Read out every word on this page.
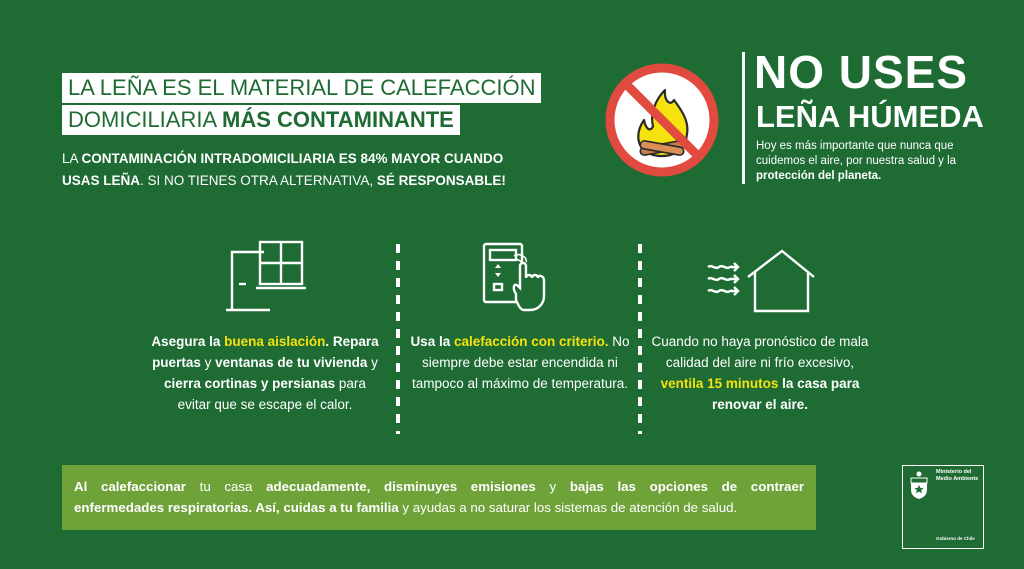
LA LEÑA ES EL MATERIAL DE CALEFACCIÓN
DOMICILIARIA MÁS CONTAMINANTE
LA CONTAMINACIÓN INTRADOMICILIARIA ES 84% MAYOR CUANDO USAS LEÑA. SI NO TIENES OTRA ALTERNATIVA, SÉ RESPONSABLE!
NO USES
LEÑA HÚMEDA
Hoy es más importante que nunca que cuidemos el aire, por nuestra salud y la protección del planeta.
Asegura la buena aislación. Repara puertas y ventanas de tu vivienda y cierra cortinas y persianas para evitar que se escape el calor.
Usa la calefacción con criterio. No siempre debe estar encendida ni tampoco al máximo de temperatura.
Cuando no haya pronóstico de mala calidad del aire ni frío excesivo, ventila 15 minutos la casa para renovar el aire.

Al calefaccionar tu casa adecuadamente, disminuyes emisiones y bajas las opciones de contraer

enfermedades respiratorias. Así, cuidas a tu familia y ayudas a no saturar los sistemas de atención de salud.

Ministerio del Medio Ambiente
Gobierno de Chile
